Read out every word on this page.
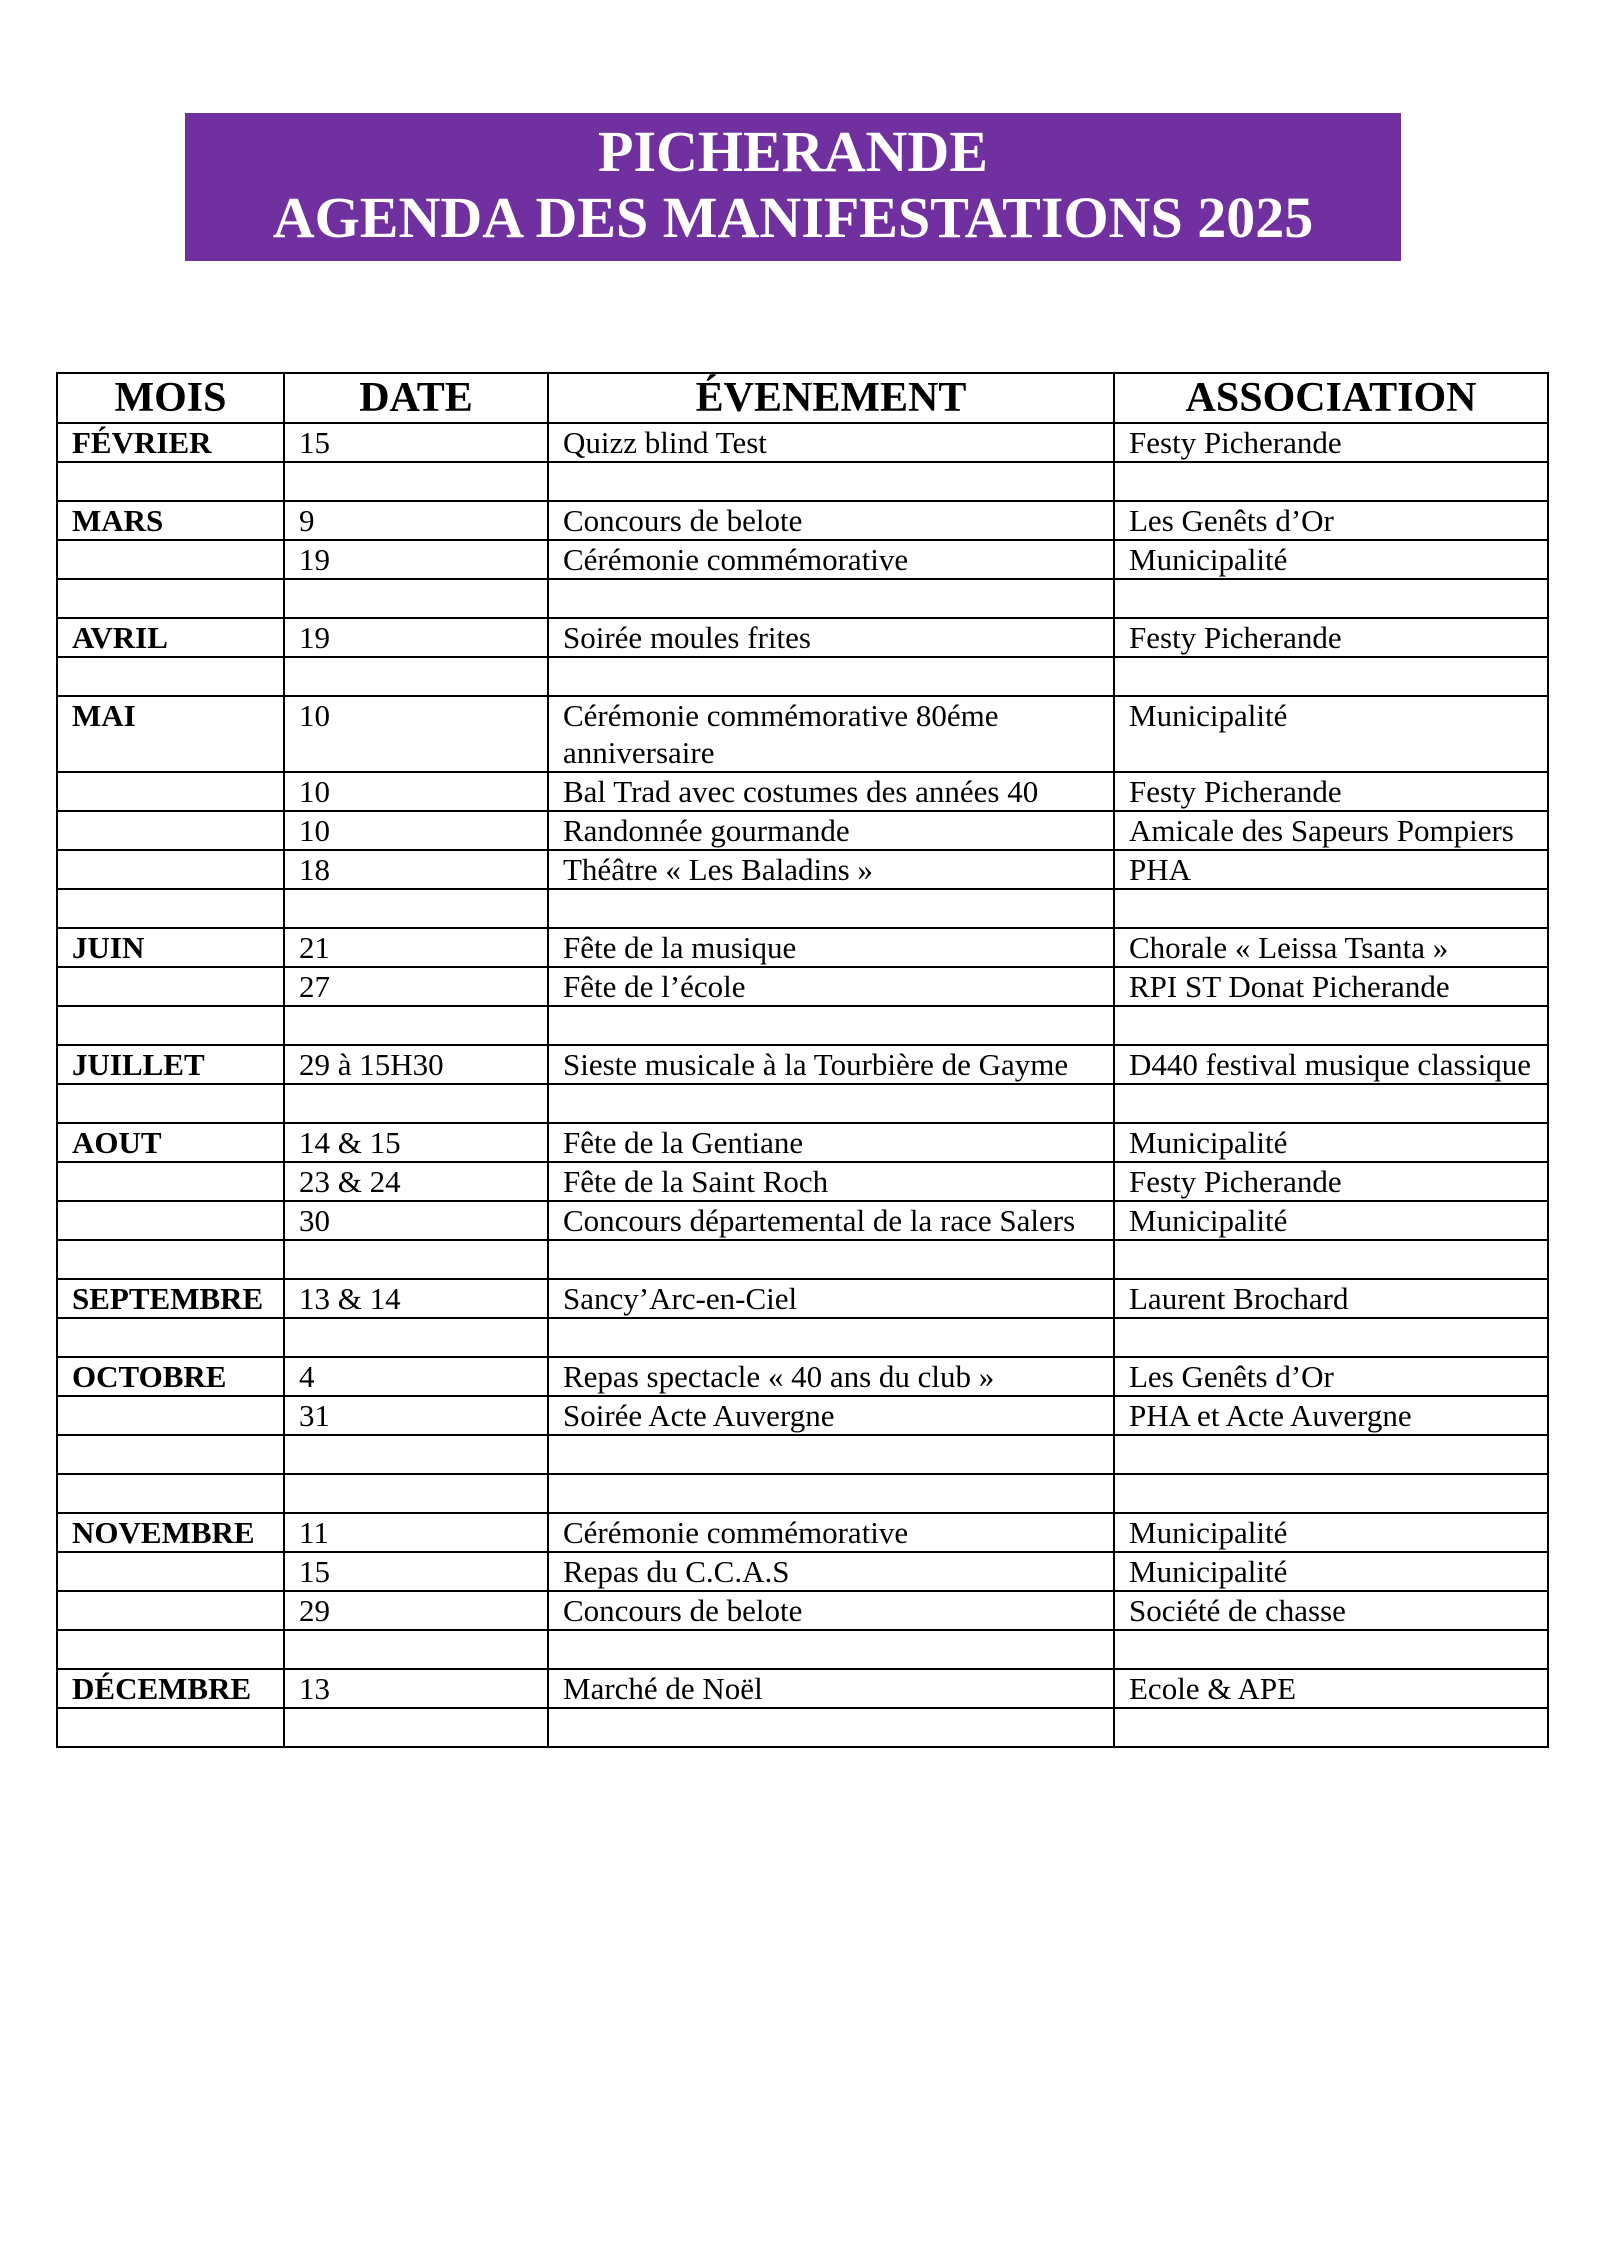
PICHERANDE
AGENDA DES MANIFESTATIONS 2025
MOIS	DATE	ÉVENEMENT	ASSOCIATION
FÉVRIER	15	Quizz blind Test	Festy Picherande

MARS	9	Concours de belote	Les Genêts d’Or
	19	Cérémonie commémorative	Municipalité

AVRIL	19	Soirée moules frites	Festy Picherande

MAI	10	Cérémonie commémorative 80éme anniversaire	Municipalité
	10	Bal Trad avec costumes des années 40	Festy Picherande
	10	Randonnée gourmande	Amicale des Sapeurs Pompiers
	18	Théâtre « Les Baladins »	PHA

JUIN	21	Fête de la musique	Chorale « Leissa Tsanta »
	27	Fête de l’école	RPI ST Donat Picherande

JUILLET	29 à 15H30	Sieste musicale à la Tourbière de Gayme	D440 festival musique classique

AOUT	14 & 15	Fête de la Gentiane	Municipalité
	23 & 24	Fête de la Saint Roch	Festy Picherande
	30	Concours départemental de la race Salers	Municipalité

SEPTEMBRE	13 & 14	Sancy’Arc-en-Ciel	Laurent Brochard

OCTOBRE	4	Repas spectacle « 40 ans du club »	Les Genêts d’Or
	31	Soirée Acte Auvergne	PHA et Acte Auvergne

NOVEMBRE	11	Cérémonie commémorative	Municipalité
	15	Repas du C.C.A.S	Municipalité
	29	Concours de belote	Société de chasse

DÉCEMBRE	13	Marché de Noël	Ecole & APE
